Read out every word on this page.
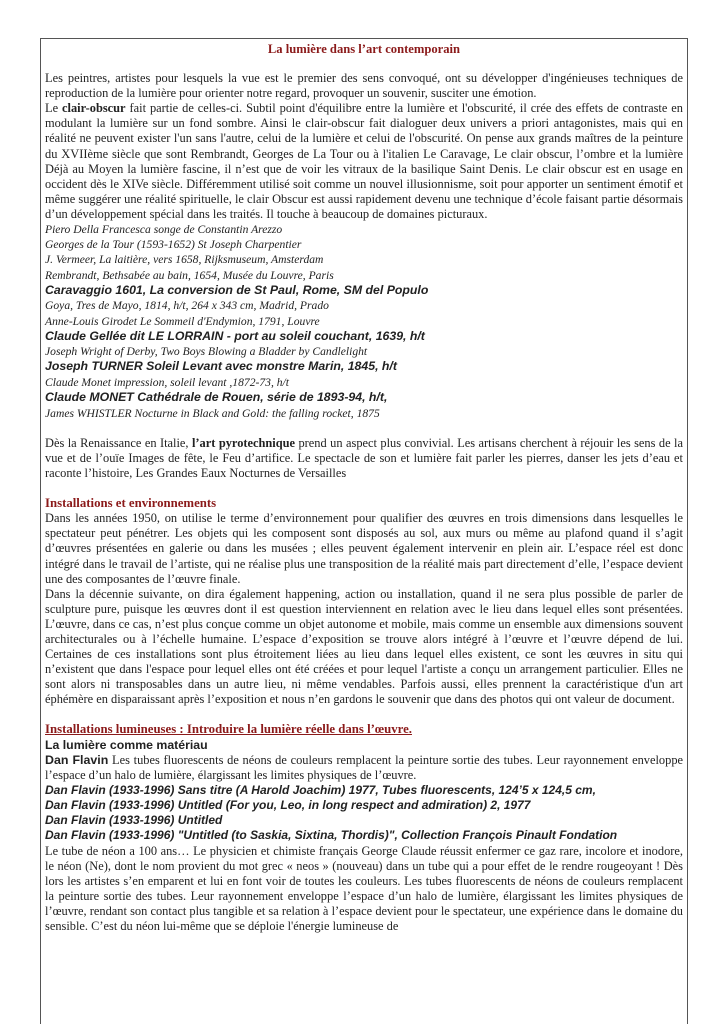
La lumière dans l’art contemporain

Les peintres, artistes pour lesquels la vue est le premier des sens convoqué, ont su développer d'ingénieuses techniques de reproduction de la lumière pour orienter notre regard, provoquer un souvenir, susciter une émotion.

Le clair-obscur fait partie de celles-ci. Subtil point d'équilibre entre la lumière et l'obscurité, il crée des effets de contraste en modulant la lumière sur un fond sombre. Ainsi le clair-obscur fait dialoguer deux univers a priori antagonistes, mais qui en réalité ne peuvent exister l'un sans l'autre, celui de la lumière et celui de l'obscurité. On pense aux grands maîtres de la peinture du XVIIème siècle que sont Rembrandt, Georges de La Tour ou à l'italien Le Caravage, Le clair obscur, l’ombre et la lumière Déjà au Moyen la lumière fascine, il n’est que de voir les vitraux de la basilique Saint Denis. Le clair obscur est en usage en occident dès le XIVe siècle. Différemment utilisé soit comme un nouvel illusionnisme, soit pour apporter un sentiment émotif et même suggérer une réalité spirituelle, le clair Obscur est aussi rapidement devenu une technique d’école faisant partie désormais d’un développement spécial dans les traités. Il touche à beaucoup de domaines picturaux.

Piero Della Francesca songe de Constantin Arezzo
Georges de la Tour (1593-1652) St Joseph Charpentier
J. Vermeer, La laitière, vers 1658, Rijksmuseum, Amsterdam
Rembrandt, Bethsabée au bain, 1654, Musée du Louvre, Paris
Caravaggio 1601, La conversion de St Paul, Rome, SM del Populo
Goya, Tres de Mayo, 1814, h/t, 264 x 343 cm, Madrid, Prado
Anne-Louis Girodet Le Sommeil d'Endymion, 1791, Louvre
Claude Gellée dit LE LORRAIN - port au soleil couchant, 1639, h/t
Joseph Wright of Derby, Two Boys Blowing a Bladder by Candlelight
Joseph TURNER Soleil Levant avec monstre Marin, 1845, h/t
Claude Monet impression, soleil levant ,1872-73, h/t
Claude MONET Cathédrale de Rouen, série de 1893-94, h/t,
James WHISTLER Nocturne in Black and Gold: the falling rocket, 1875

Dès la Renaissance en Italie, l’art pyrotechnique prend un aspect plus convivial. Les artisans cherchent à réjouir les sens de la vue et de l’ouïe Images de fête, le Feu d’artifice. Le spectacle de son et lumière fait parler les pierres, danser les jets d’eau et raconte l’histoire, Les Grandes Eaux Nocturnes de Versailles

Installations et environnements

Dans les années 1950, on utilise le terme d’environnement pour qualifier des œuvres en trois dimensions dans lesquelles le spectateur peut pénétrer. Les objets qui les composent sont disposés au sol, aux murs ou même au plafond quand il s’agit d’œuvres présentées en galerie ou dans les musées ; elles peuvent également intervenir en plein air. L’espace réel est donc intégré dans le travail de l’artiste, qui ne réalise plus une transposition de la réalité mais part directement d’elle, l’espace devient une des composantes de l’œuvre finale.

Dans la décennie suivante, on dira également happening, action ou installation, quand il ne sera plus possible de parler de sculpture pure, puisque les œuvres dont il est question interviennent en relation avec le lieu dans lequel elles sont présentées. L’œuvre, dans ce cas, n’est plus conçue comme un objet autonome et mobile, mais comme un ensemble aux dimensions souvent architecturales ou à l’échelle humaine. L’espace d’exposition se trouve alors intégré à l’œuvre et l’œuvre dépend de lui. Certaines de ces installations sont plus étroitement liées au lieu dans lequel elles existent, ce sont les œuvres in situ qui n’existent que dans l'espace pour lequel elles ont été créées et pour lequel l'artiste a conçu un arrangement particulier. Elles ne sont alors ni transposables dans un autre lieu, ni même vendables. Parfois aussi, elles prennent la caractéristique d'un art éphémère en disparaissant après l’exposition et nous n’en gardons le souvenir que dans des photos qui ont valeur de document.

Installations lumineuses : Introduire la lumière réelle dans l’œuvre.
La lumière comme matériau

Dan Flavin Les tubes fluorescents de néons de couleurs remplacent la peinture sortie des tubes. Leur rayonnement enveloppe l’espace d’un halo de lumière, élargissant les limites physiques de l’œuvre.

Dan Flavin (1933-1996) Sans titre (A Harold Joachim) 1977, Tubes fluorescents, 124’5 x 124,5 cm,
Dan Flavin (1933-1996) Untitled (For you, Leo, in long respect and admiration) 2, 1977
Dan Flavin (1933-1996) Untitled
Dan Flavin (1933-1996) "Untitled (to Saskia, Sixtina, Thordis)", Collection François Pinault Fondation

Le tube de néon a 100 ans… Le physicien et chimiste français George Claude réussit enfermer ce gaz rare, incolore et inodore, le néon (Ne), dont le nom provient du mot grec « neos » (nouveau) dans un tube qui a pour effet de le rendre rougeoyant ! Dès lors les artistes s’en emparent et lui en font voir de toutes les couleurs. Les tubes fluorescents de néons de couleurs remplacent la peinture sortie des tubes. Leur rayonnement enveloppe l’espace d’un halo de lumière, élargissant les limites physiques de l’œuvre, rendant son contact plus tangible et sa relation à l’espace devient pour le spectateur, une expérience dans le domaine du sensible. C’est du néon lui-même que se déploie l'énergie lumineuse de
